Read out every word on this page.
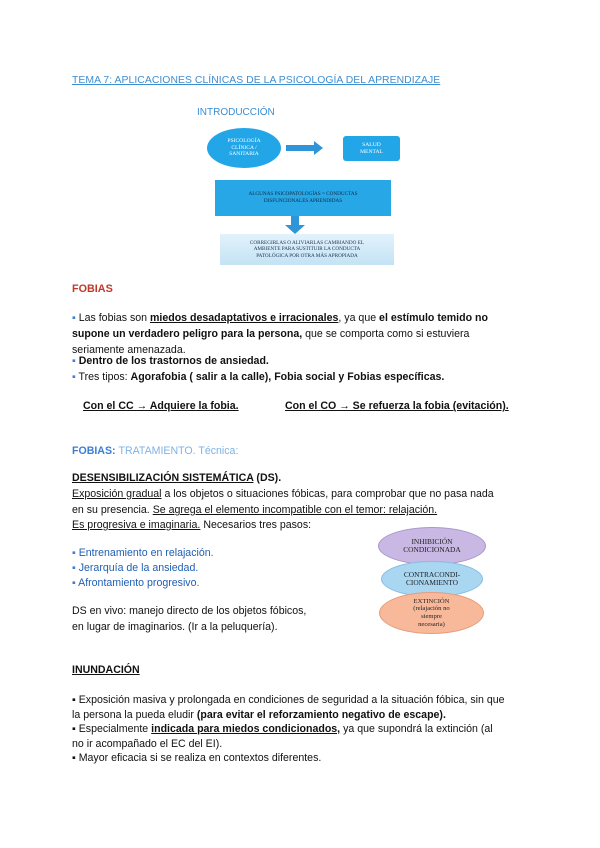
TEMA 7: APLICACIONES CLÍNICAS DE LA PSICOLOGÍA DEL APRENDIZAJE
INTRODUCCIÓN
PSICOLOGÍA
CLÍNICA /
SANITARIA
SALUD
MENTAL
ALGUNAS PSICOPATOLOGÍAS = CONDUCTAS
DISFUNCIONALES APRENDIDAS
CORREGIRLAS O ALIVIARLAS CAMBIANDO EL
AMBIENTE PARA SUSTITUIR LA CONDUCTA
PATOLÓGICA POR OTRA MÁS APROPIADA
FOBIAS
▪ Las fobias son miedos desadaptativos e irracionales, ya que el estímulo temido no
supone un verdadero peligro para la persona, que se comporta como si estuviera
seriamente amenazada.
▪ Dentro de los trastornos de ansiedad.
▪ Tres tipos: Agorafobia ( salir a la calle), Fobia social y Fobias específicas.
Con el CC → Adquiere la fobia.	Con el CO → Se refuerza la fobia (evitación).
FOBIAS: TRATAMIENTO. Técnica:
DESENSIBILIZACIÓN SISTEMÁTICA (DS).
Exposición gradual a los objetos o situaciones fóbicas, para comprobar que no pasa nada
en su presencia. Se agrega el elemento incompatible con el temor: relajación.
Es progresiva e imaginaria. Necesarios tres pasos:
▪ Entrenamiento en relajación.
▪ Jerarquía de la ansiedad.
▪ Afrontamiento progresivo.
DS en vivo: manejo directo de los objetos fóbicos,
en lugar de imaginarios. (Ir a la peluquería).
INHIBICIÓN
CONDICIONADA
CONTRACONDI-
CIONAMIENTO
EXTINCIÓN
(relajación no
siempre
necesaria)
INUNDACIÓN
▪ Exposición masiva y prolongada en condiciones de seguridad a la situación fóbica, sin que
la persona la pueda eludir (para evitar el reforzamiento negativo de escape).
▪ Especialmente indicada para miedos condicionados, ya que supondrá la extinción (al
no ir acompañado el EC del EI).
▪ Mayor eficacia si se realiza en contextos diferentes.
